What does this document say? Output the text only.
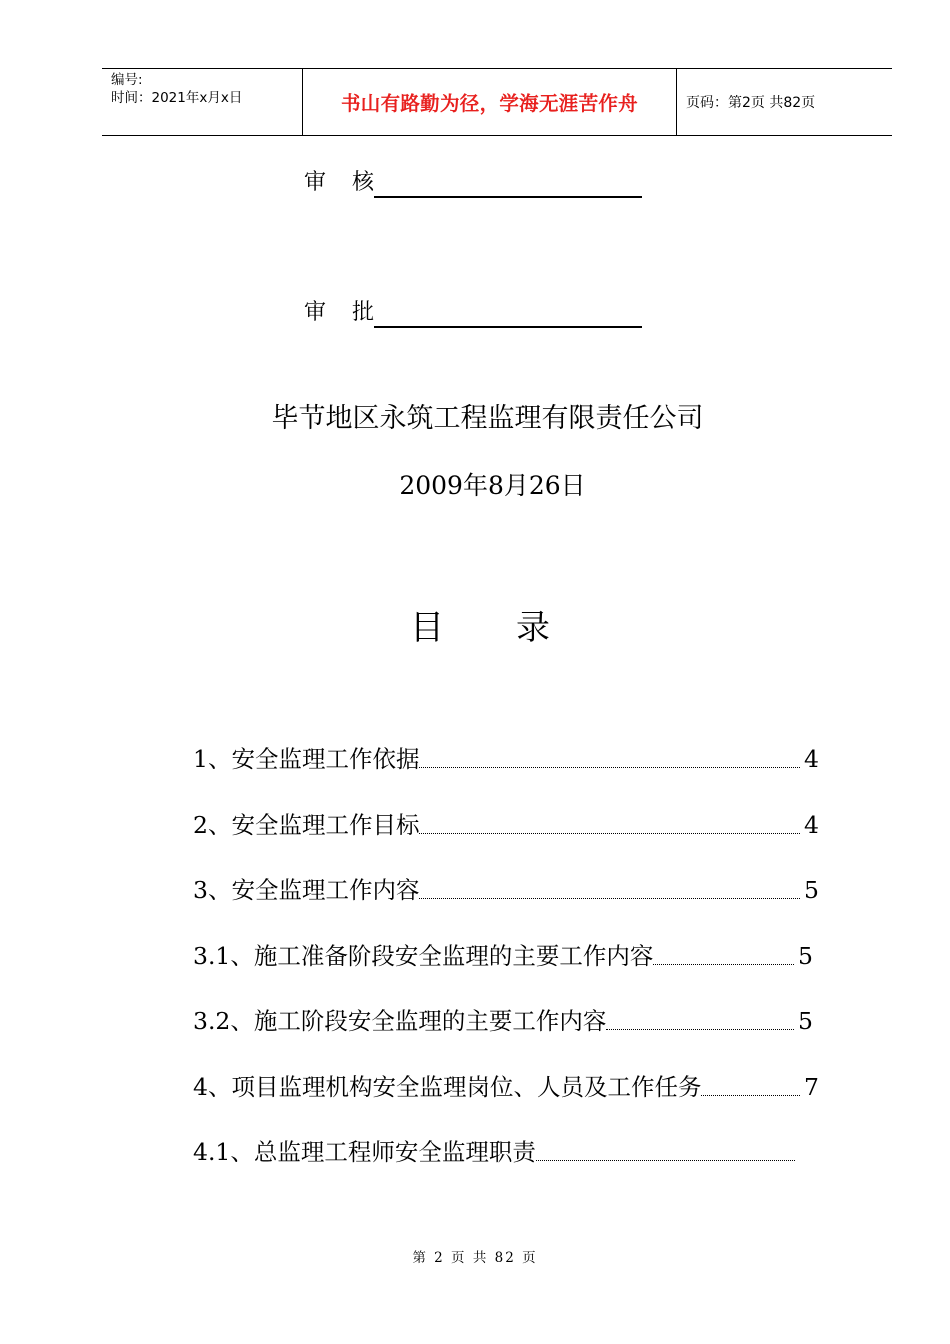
编号:
时间：2021年x月x日	书山有路勤为径，学海无涯苦作舟	页码：第2页 共82页
审核
审批
毕节地区永筑工程监理有限责任公司
2009年8月26日
目录
1、安全监理工作依据	4
2、安全监理工作目标	4
3、安全监理工作内容	5
3.1、施工准备阶段安全监理的主要工作内容	5
3.2、施工阶段安全监理的主要工作内容	5
4、项目监理机构安全监理岗位、人员及工作任务	7
4.1、总监理工程师安全监理职责
第 2 页 共 82 页
